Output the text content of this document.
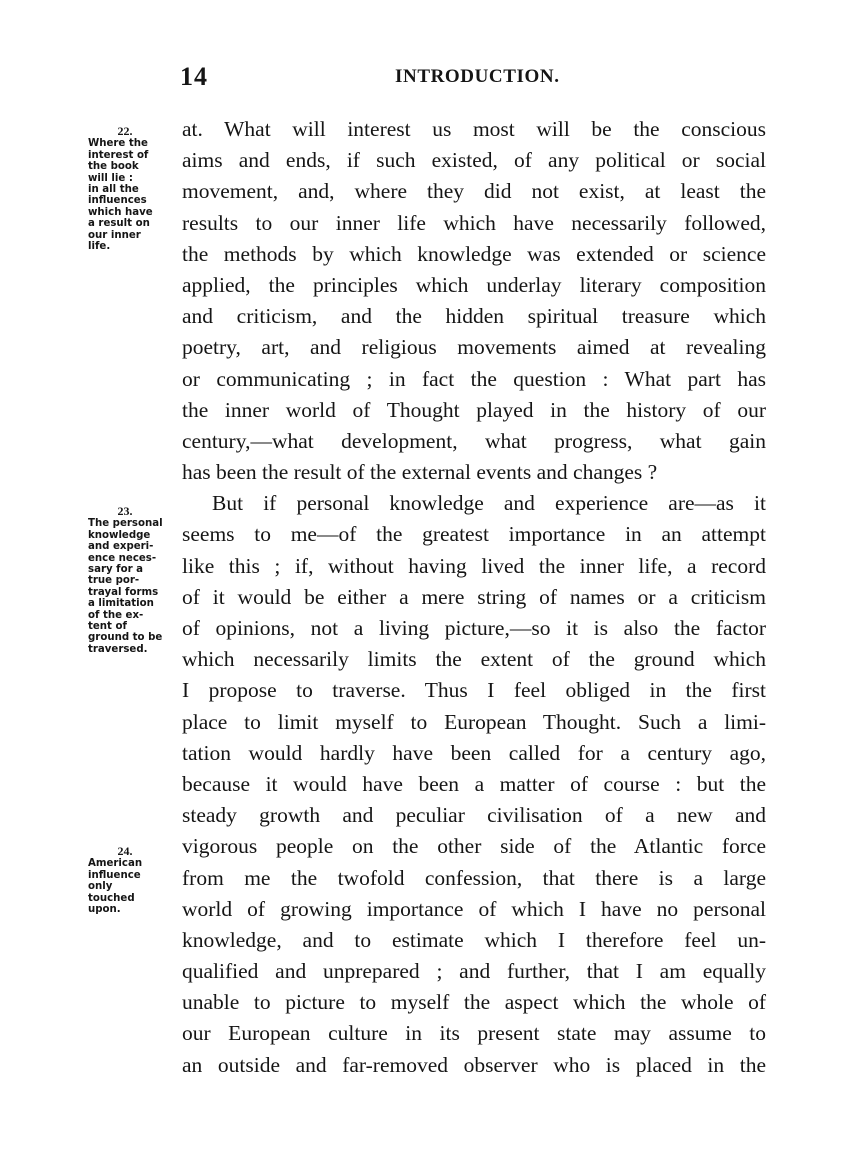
14	INTRODUCTION.
22.
Where the
interest of
the book
will lie :
in all the
influences
which have
a result on
our inner
life.
23.
The personal
knowledge
and experi-
ence neces-
sary for a
true por-
trayal forms
a limitation
of the ex-
tent of
ground to be
traversed.
24.
American
influence
only
touched
upon.
at. What will interest us most will be the conscious
aims and ends, if such existed, of any political or social
movement, and, where they did not exist, at least the
results to our inner life which have necessarily followed,
the methods by which knowledge was extended or science
applied, the principles which underlay literary composition
and criticism, and the hidden spiritual treasure which
poetry, art, and religious movements aimed at revealing
or communicating ; in fact the question : What part has
the inner world of Thought played in the history of our
century,—what development, what progress, what gain
has been the result of the external events and changes ?
But if personal knowledge and experience are—as it
seems to me—of the greatest importance in an attempt
like this ; if, without having lived the inner life, a record
of it would be either a mere string of names or a criticism
of opinions, not a living picture,—so it is also the factor
which necessarily limits the extent of the ground which
I propose to traverse. Thus I feel obliged in the first
place to limit myself to European Thought. Such a limi-
tation would hardly have been called for a century ago,
because it would have been a matter of course : but the
steady growth and peculiar civilisation of a new and
vigorous people on the other side of the Atlantic force
from me the twofold confession, that there is a large
world of growing importance of which I have no personal
knowledge, and to estimate which I therefore feel un-
qualified and unprepared ; and further, that I am equally
unable to picture to myself the aspect which the whole of
our European culture in its present state may assume to
an outside and far-removed observer who is placed in the
